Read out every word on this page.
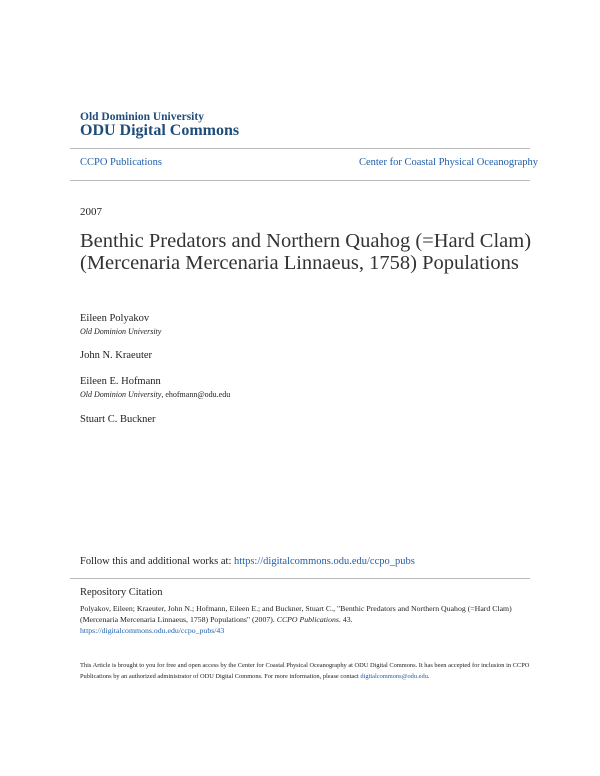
Old Dominion University
ODU Digital Commons
CCPO Publications	Center for Coastal Physical Oceanography
2007
Benthic Predators and Northern Quahog (=Hard Clam) (Mercenaria Mercenaria Linnaeus, 1758) Populations
Eileen Polyakov
Old Dominion University
John N. Kraeuter
Eileen E. Hofmann
Old Dominion University, ehofmann@odu.edu
Stuart C. Buckner
Follow this and additional works at: https://digitalcommons.odu.edu/ccpo_pubs
Repository Citation
Polyakov, Eileen; Kraeuter, John N.; Hofmann, Eileen E.; and Buckner, Stuart C., "Benthic Predators and Northern Quahog (=Hard Clam) (Mercenaria Mercenaria Linnaeus, 1758) Populations" (2007). CCPO Publications. 43.
https://digitalcommons.odu.edu/ccpo_pubs/43
This Article is brought to you for free and open access by the Center for Coastal Physical Oceanography at ODU Digital Commons. It has been accepted for inclusion in CCPO Publications by an authorized administrator of ODU Digital Commons. For more information, please contact digitalcommons@odu.edu.
